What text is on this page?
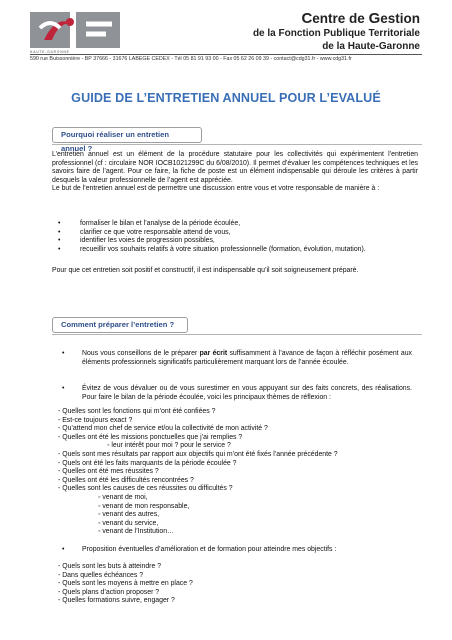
HAUTE-GARONNE
Centre de Gestion
de la Fonction Publique Territoriale
de la Haute-Garonne
590 rue Buissonnière - BP 37666 - 31676 LABEGE CEDEX - Tél 05 81 91 93 00 - Fax 05 62 26 09 39 - contact@cdg31.fr - www.cdg31.fr
GUIDE DE L’ENTRETIEN ANNUEL POUR L’EVALUÉ
Pourquoi réaliser un entretien annuel ?
L’entretien annuel est un élément de la procédure statutaire pour les collectivités qui expérimentent l’entretien professionnel (cf : circulaire NOR IOCB1021299C du 6/08/2010). Il permet d’évaluer les compétences techniques et les savoirs faire de l’agent. Pour ce faire, la fiche de poste est un élément indispensable qui déroule les critères à partir desquels la valeur professionnelle de l’agent est appréciée.
Le but de l’entretien annuel est de permettre une discussion entre vous et votre responsable de manière à :
•	formaliser le bilan et l’analyse de la période écoulée,
•	clarifier ce que votre responsable attend de vous,
•	identifier les voies de progression possibles,
•	recueillir vos souhaits relatifs à votre situation professionnelle (formation, évolution, mutation).
Pour que cet entretien soit positif et constructif, il est indispensable qu’il soit soigneusement préparé.
Comment préparer l’entretien ?
•	Nous vous conseillons de le préparer par écrit suffisamment à l’avance de façon à réfléchir posément aux éléments professionnels significatifs particulièrement marquant lors de l’année écoulée.
•	Évitez de vous dévaluer ou de vous surestimer en vous appuyant sur des faits concrets, des réalisations. Pour faire le bilan de la période écoulée, voici les principaux thèmes de réflexion :
- Quelles sont les fonctions qui m’ont été confiées ?
- Est-ce toujours exact ?
- Qu’attend mon chef de service et/ou la collectivité de mon activité ?
- Quelles ont été les missions ponctuelles que j’ai remplies ?
◦ leur intérêt pour moi ? pour le service ?
- Quels sont mes résultats par rapport aux objectifs qui m’ont été fixés l’année précédente ?
- Quels ont été les faits marquants de la période écoulée ?
- Quelles ont été mes réussites ?
- Quelles ont été les difficultés rencontrées ?
- Quelles sont les causes de ces réussites ou difficultés ?
◦ venant de moi,
◦ venant de mon responsable,
◦ venant des autres,
◦ venant du service,
◦ venant de l’Institution…
•	Proposition éventuelles d’amélioration et de formation pour atteindre mes objectifs :
- Quels sont les buts à atteindre ?
- Dans quelles échéances ?
- Quels sont les moyens à mettre en place ?
- Quels plans d’action proposer ?
- Quelles formations suivre, engager ?
